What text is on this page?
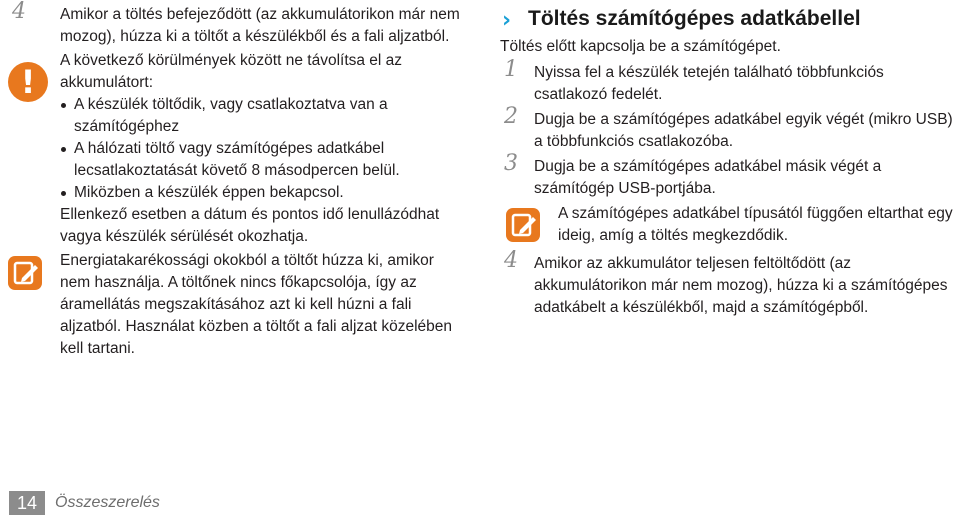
4 Amikor a töltés befejeződött (az akkumulátorikon már nem mozog), húzza ki a töltőt a készülékből és a fali aljzatból.
!
A következő körülmények között ne távolítsa el az akkumulátort:
A készülék töltődik, vagy csatlakoztatva van a számítógéphez
A hálózati töltő vagy számítógépes adatkábel lecsatlakoztatását követő 8 másodpercen belül.
Miközben a készülék éppen bekapcsol.
Ellenkező esetben a dátum és pontos idő lenullázódhat vagya készülék sérülését okozhatja.
Energiatakarékossági okokból a töltőt húzza ki, amikor nem használja. A töltőnek nincs főkapcsolója, így az áramellátás megszakításához azt ki kell húzni a fali aljzatból. Használat közben a töltőt a fali aljzat közelében kell tartani.
› Töltés számítógépes adatkábellel
Töltés előtt kapcsolja be a számítógépet.
1 Nyissa fel a készülék tetején található többfunkciós csatlakozó fedelét.
2 Dugja be a számítógépes adatkábel egyik végét (mikro USB) a többfunkciós csatlakozóba.
3 Dugja be a számítógépes adatkábel másik végét a számítógép USB-portjába.
A számítógépes adatkábel típusától függően eltarthat egy ideig, amíg a töltés megkezdődik.
4 Amikor az akkumulátor teljesen feltöltődött (az akkumulátorikon már nem mozog), húzza ki a számítógépes adatkábelt a készülékből, majd a számítógépből.
14	Összeszerelés
